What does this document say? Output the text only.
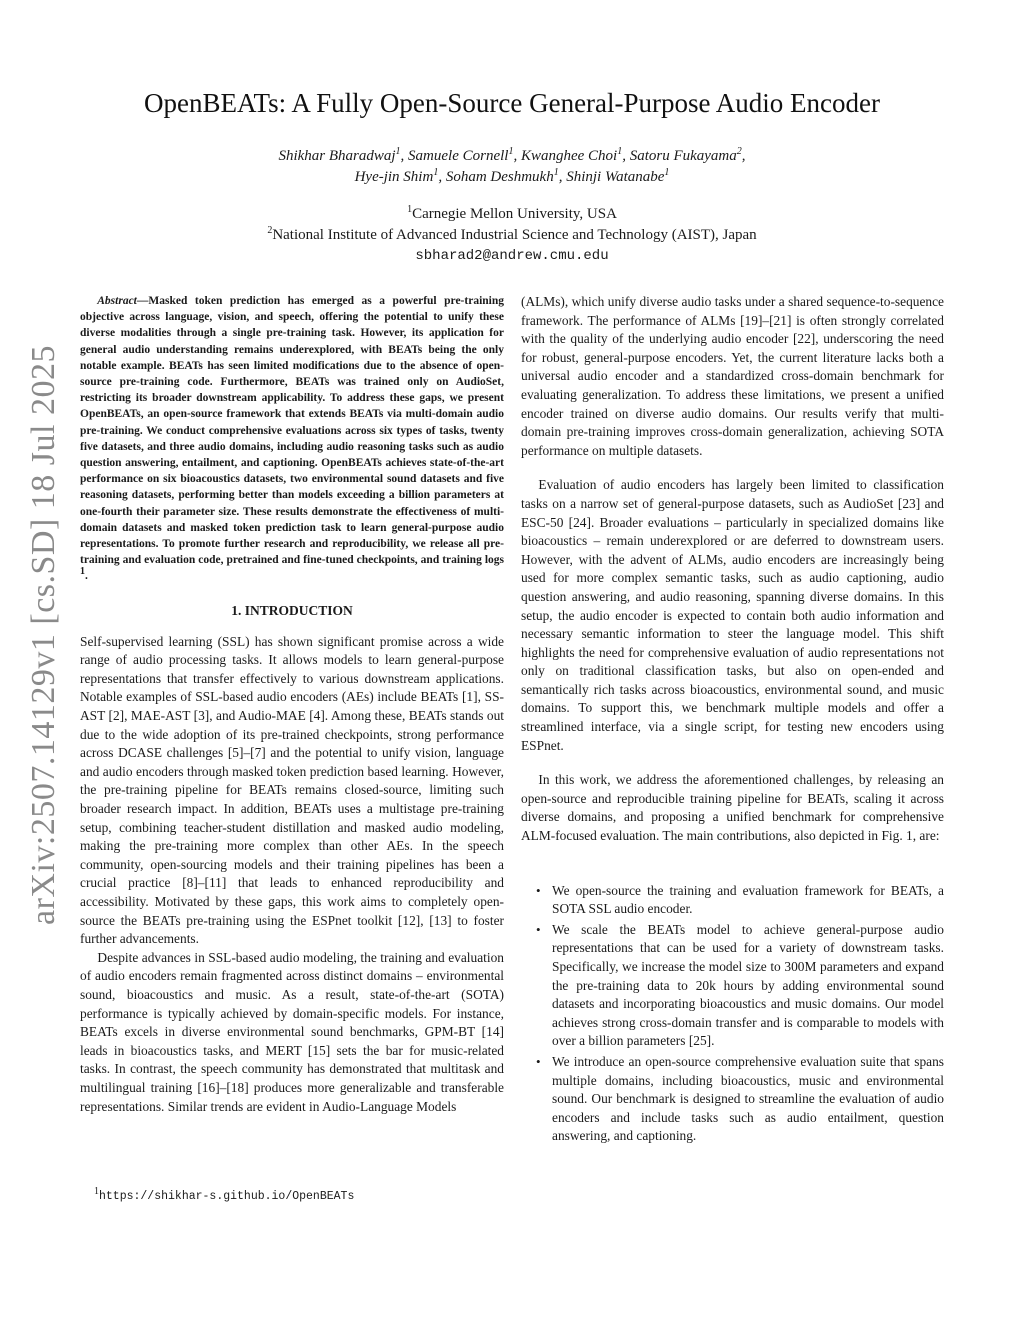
arXiv:2507.14129v1 [cs.SD] 18 Jul 2025
OpenBEATs: A Fully Open-Source General-Purpose Audio Encoder
Shikhar Bharadwaj$^1$, Samuele Cornell$^1$, Kwanghee Choi$^1$, Satoru Fukayama$^2$,
Hye-jin Shim$^1$, Soham Deshmukh$^1$, Shinji Watanabe$^1$
$^1$Carnegie Mellon University, USA
$^2$National Institute of Advanced Industrial Science and Technology (AIST), Japan
sbharad2@andrew.cmu.edu

Abstract—Masked token prediction has emerged as a powerful pre-training objective across language, vision, and speech, offering the potential to unify these diverse modalities through a single pre-training task. However, its application for general audio understanding remains underexplored, with BEATs being the only notable example. BEATs has seen limited modifications due to the absence of open-source pre-training code. Furthermore, BEATs was trained only on AudioSet, restricting its broader downstream applicability. To address these gaps, we present OpenBEATs, an open-source framework that extends BEATs via multi-domain audio pre-training. We conduct comprehensive evaluations across six types of tasks, twenty five datasets, and three audio domains, including audio reasoning tasks such as audio question answering, entailment, and captioning. OpenBEATs achieves state-of-the-art performance on six bioacoustics datasets, two environmental sound datasets and five reasoning datasets, performing better than models exceeding a billion parameters at one-fourth their parameter size. These results demonstrate the effectiveness of multi-domain datasets and masked token prediction task to learn general-purpose audio representations. To promote further research and reproducibility, we release all pre-training and evaluation code, pretrained and fine-tuned checkpoints, and training logs $^1$.

1. INTRODUCTION

Self-supervised learning (SSL) has shown significant promise across a wide range of audio processing tasks. It allows models to learn general-purpose representations that transfer effectively to various downstream applications. Notable examples of SSL-based audio encoders (AEs) include BEATs [1], SS-AST [2], MAE-AST [3], and Audio-MAE [4]. Among these, BEATs stands out due to the wide adoption of its pre-trained checkpoints, strong performance across DCASE challenges [5]–[7] and the potential to unify vision, language and audio encoders through masked token prediction based learning. However, the pre-training pipeline for BEATs remains closed-source, limiting such broader research impact. In addition, BEATs uses a multistage pre-training setup, combining teacher-student distillation and masked audio modeling, making the pre-training more complex than other AEs. In the speech community, open-sourcing models and their training pipelines has been a crucial practice [8]–[11] that leads to enhanced reproducibility and accessibility. Motivated by these gaps, this work aims to completely open-source the BEATs pre-training using the ESPnet toolkit [12], [13] to foster further advancements.

Despite advances in SSL-based audio modeling, the training and evaluation of audio encoders remain fragmented across distinct domains – environmental sound, bioacoustics and music. As a result, state-of-the-art (SOTA) performance is typically achieved by domain-specific models. For instance, BEATs excels in diverse environmental sound benchmarks, GPM-BT [14] leads in bioacoustics tasks, and MERT [15] sets the bar for music-related tasks. In contrast, the speech community has demonstrated that multitask and multilingual training [16]–[18] produces more generalizable and transferable representations. Similar trends are evident in Audio-Language Models

(ALMs), which unify diverse audio tasks under a shared sequence-to-sequence framework. The performance of ALMs [19]–[21] is often strongly correlated with the quality of the underlying audio encoder [22], underscoring the need for robust, general-purpose encoders. Yet, the current literature lacks both a universal audio encoder and a standardized cross-domain benchmark for evaluating generalization. To address these limitations, we present a unified encoder trained on diverse audio domains. Our results verify that multi-domain pre-training improves cross-domain generalization, achieving SOTA performance on multiple datasets.

Evaluation of audio encoders has largely been limited to classification tasks on a narrow set of general-purpose datasets, such as AudioSet [23] and ESC-50 [24]. Broader evaluations – particularly in specialized domains like bioacoustics – remain underexplored or are deferred to downstream users. However, with the advent of ALMs, audio encoders are increasingly being used for more complex semantic tasks, such as audio captioning, audio question answering, and audio reasoning, spanning diverse domains. In this setup, the audio encoder is expected to contain both audio information and necessary semantic information to steer the language model. This shift highlights the need for comprehensive evaluation of audio representations not only on traditional classification tasks, but also on open-ended and semantically rich tasks across bioacoustics, environmental sound, and music domains. To support this, we benchmark multiple models and offer a streamlined interface, via a single script, for testing new encoders using ESPnet.

In this work, we address the aforementioned challenges, by releasing an open-source and reproducible training pipeline for BEATs, scaling it across diverse domains, and proposing a unified benchmark for comprehensive ALM-focused evaluation. The main contributions, also depicted in Fig. 1, are:

• We open-source the training and evaluation framework for BEATs, a SOTA SSL audio encoder.
• We scale the BEATs model to achieve general-purpose audio representations that can be used for a variety of downstream tasks. Specifically, we increase the model size to 300M parameters and expand the pre-training data to 20k hours by adding environmental sound datasets and incorporating bioacoustics and music domains. Our model achieves strong cross-domain transfer and is comparable to models with over a billion parameters [25].
• We introduce an open-source comprehensive evaluation suite that spans multiple domains, including bioacoustics, music and environmental sound. Our benchmark is designed to streamline the evaluation of audio encoders and include tasks such as audio entailment, question answering, and captioning.
$^1$https://shikhar-s.github.io/OpenBEATs
